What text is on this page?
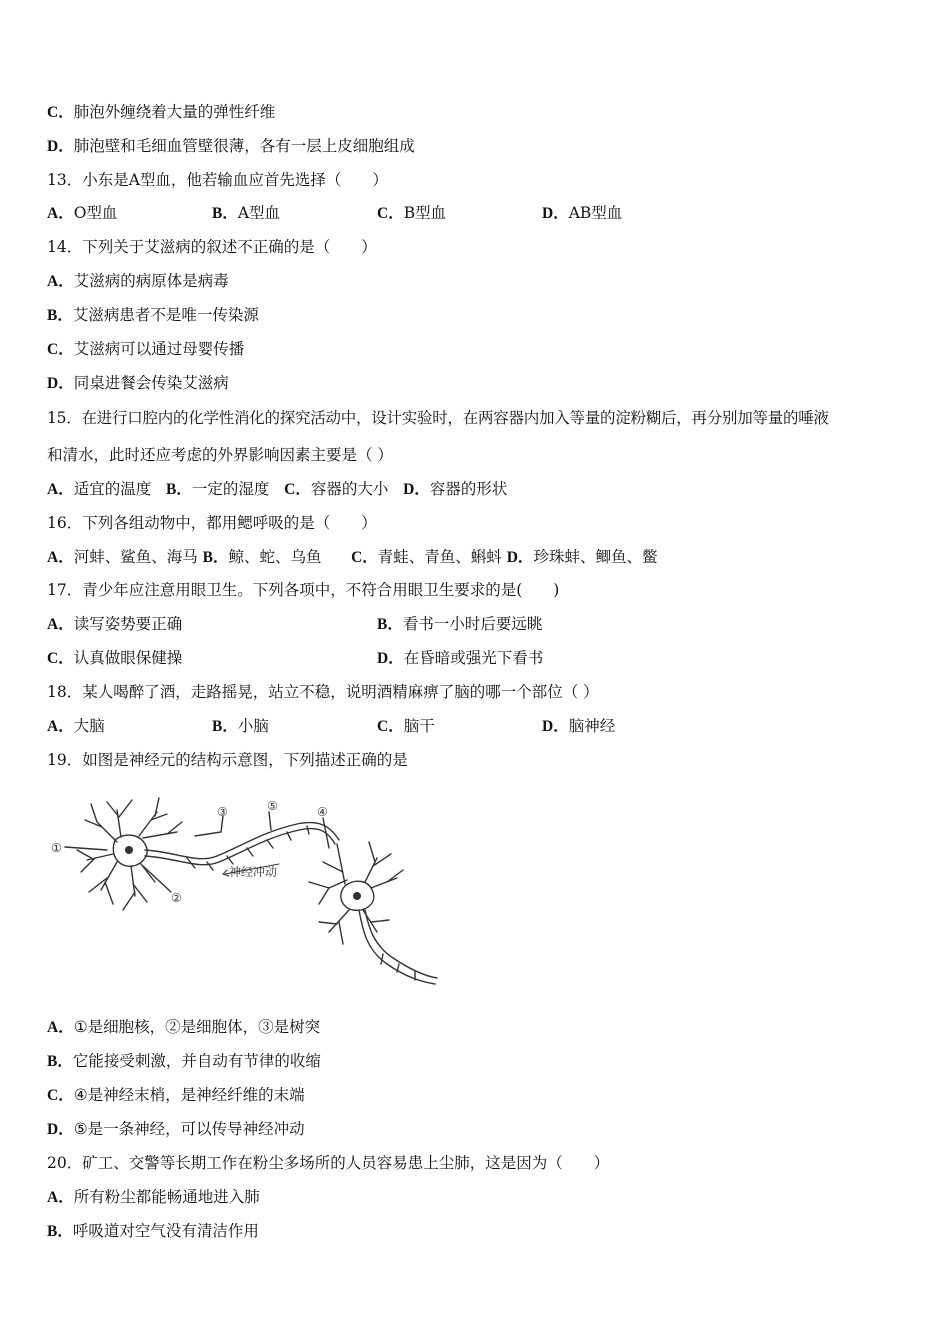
C．肺泡外缠绕着大量的弹性纤维
D．肺泡壁和毛细血管壁很薄，各有一层上皮细胞组成
13．小东是A型血，他若输血应首先选择（　　）
A．O型血	B．A型血	C．B型血	D．AB型血
14．下列关于艾滋病的叙述不正确的是（　　）
A．艾滋病的病原体是病毒
B．艾滋病患者不是唯一传染源
C．艾滋病可以通过母婴传播
D．同桌进餐会传染艾滋病
15．在进行口腔内的化学性消化的探究活动中，设计实验时，在两容器内加入等量的淀粉糊后，再分别加等量的唾液
和清水，此时还应考虑的外界影响因素主要是（ ）
A．适宜的温度 B．一定的湿度 C．容器的大小 D．容器的形状
16．下列各组动物中，都用鳃呼吸的是（　　）
A．河蚌、鲨鱼、海马 B．鲸、蛇、乌鱼 C．青蛙、青鱼、蝌蚪 D．珍珠蚌、鲫鱼、鳖
17．青少年应注意用眼卫生。下列各项中，不符合用眼卫生要求的是(　　)
A．读写姿势要正确	B．看书一小时后要远眺
C．认真做眼保健操	D．在昏暗或强光下看书
18．某人喝醉了酒，走路摇晃，站立不稳，说明酒精麻痹了脑的哪一个部位（ ）
A．大脑	B．小脑	C．脑干	D．脑神经
19．如图是神经元的结构示意图，下列描述正确的是
①
②
③	④
⑤
神经冲动
A．①是细胞核，②是细胞体，③是树突
B．它能接受刺激，并自动有节律的收缩
C．④是神经末梢，是神经纤维的末端
D．⑤是一条神经，可以传导神经冲动
20．矿工、交警等长期工作在粉尘多场所的人员容易患上尘肺，这是因为（　　）
A．所有粉尘都能畅通地进入肺
B．呼吸道对空气没有清洁作用
